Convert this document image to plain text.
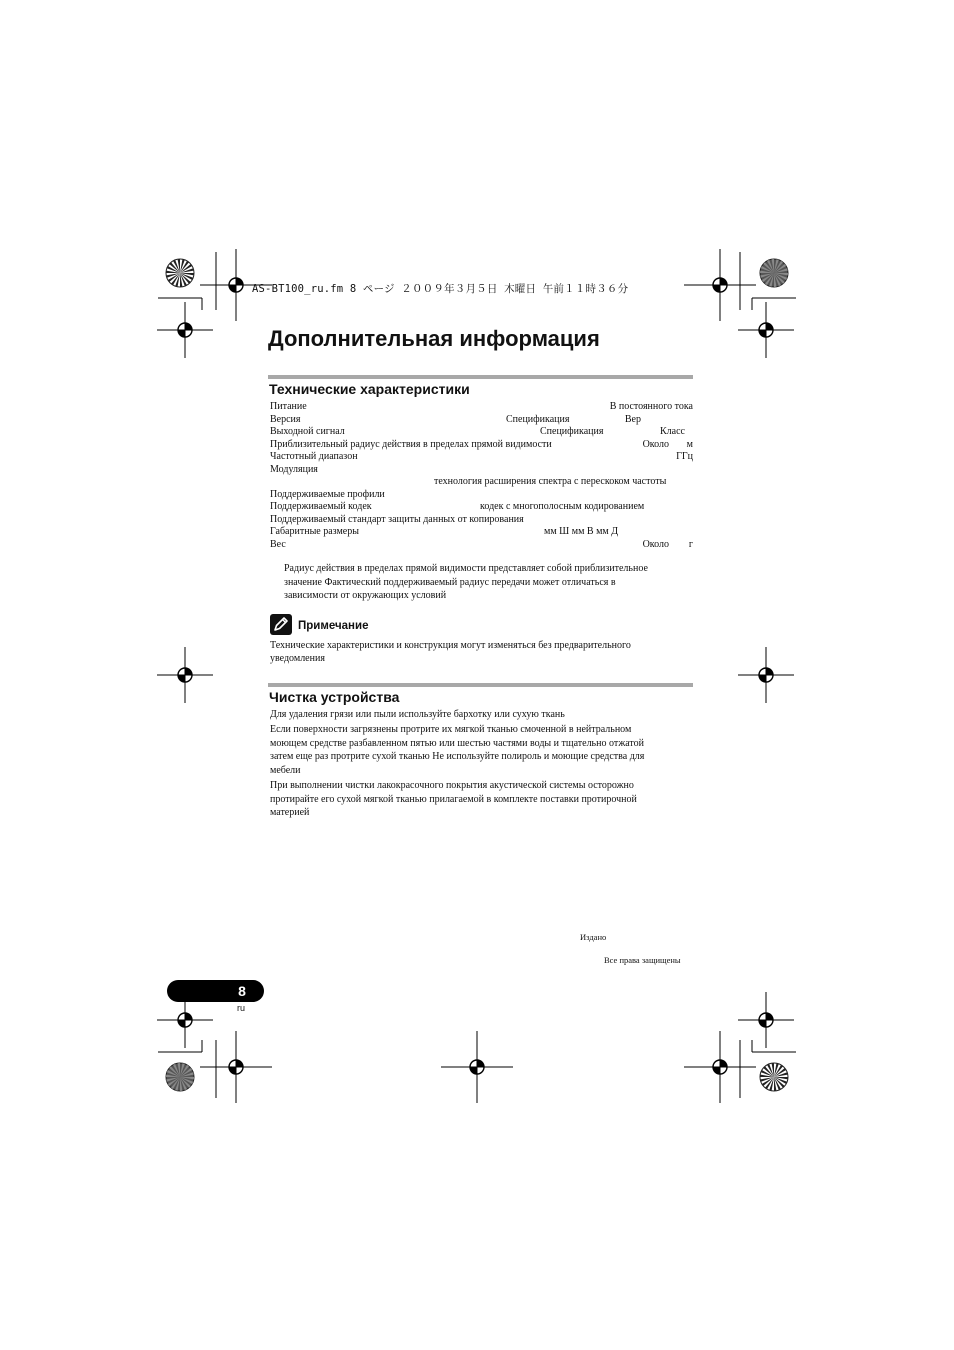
AS-BT100_ru.fm 8 ページ ２００９年３月５日 木曜日 午前１１時３６分
Дополнительная информация
Технические характеристики
Питание	В постоянного тока
Версия	Спецификация	Вер
Выходной сигнал	Спецификация	Класс
Приблизительный радиус действия в пределах прямой видимости	Около м
Частотный диапазон	ГГц
Модуляция
технология расширения спектра с перескоком частоты
Поддерживаемые профили
Поддерживаемый кодек	кодек с многополосным кодированием
Поддерживаемый стандарт защиты данных от копирования
Габаритные размеры	мм Ш мм В мм Д
Вес	Около г

Радиус действия в пределах прямой видимости представляет собой приблизительное

значение Фактический поддерживаемый радиус передачи может отличаться в

зависимости от окружающих условий

Примечание

Технические характеристики и конструкция могут изменяться без предварительного

уведомления

Чистка устройства

Для удаления грязи или пыли используйте бархотку или сухую ткань

Если поверхности загрязнены протрите их мягкой тканью смоченной в нейтральном

моющем средстве разбавленном пятью или шестью частями воды и тщательно отжатой

затем еще раз протрите сухой тканью Не используйте полироль и моющие средства для

мебели

При выполнении чистки лакокрасочного покрытия акустической системы осторожно

протирайте его сухой мягкой тканью прилагаемой в комплекте поставки протирочной

материей

Издано
Все права защищены
8
ru
